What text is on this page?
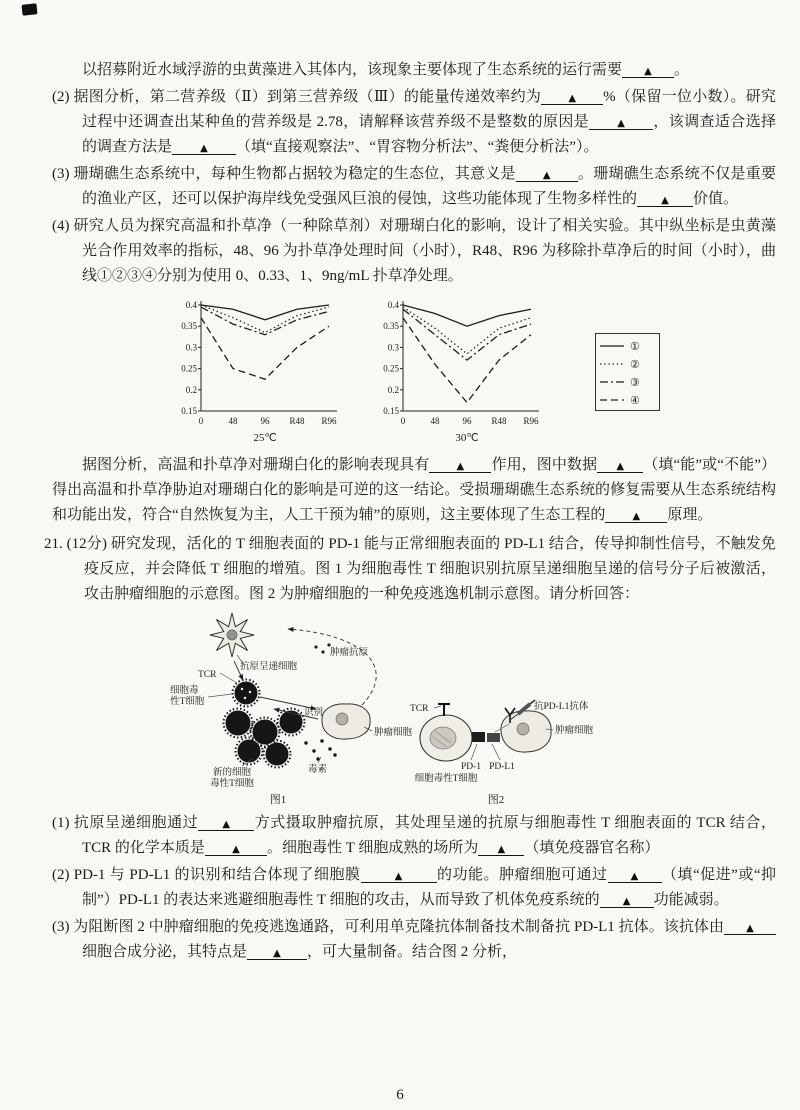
以招募附近水域浮游的虫黄藻进入其体内，该现象主要体现了生态系统的运行需要 ▲ 。

(2) 据图分析，第二营养级（Ⅱ）到第三营养级（Ⅲ）的能量传递效率约为	▲ %（保留一位小数）。研究过程中还调查出某种鱼的营养级是 2.78，请解释该营养级不是整数的原因是	▲ ，该调查适合选择的调查方法是	▲ （填“直接观察法”、“胃容物分析法”、“粪便分析法”）。

(3) 珊瑚礁生态系统中，每种生物都占据较为稳定的生态位，其意义是	▲ 。珊瑚礁生态系统不仅是重要的渔业产区，还可以保护海岸线免受强风巨浪的侵蚀，这些功能体现了生物多样性的 ▲ 价值。

(4) 研究人员为探究高温和扑草净（一种除草剂）对珊瑚白化的影响，设计了相关实验。其中纵坐标是虫黄藻光合作用效率的指标，48、96 为扑草净处理时间（小时），R48、R96 为移除扑草净后的时间（小时），曲线①②③④分别为使用 0、0.33、1、9ng/mL 扑草净处理。

0.4
0.35
0.3
0.25
0.2
0.15
0	48	96 R48 R96
25℃
0.4
0.35
0.3
0.25
0.2
0.15
0	48	96 R48 R96
30℃
①
②
③
④

据图分析，高温和扑草净对珊瑚白化的影响表现具有	▲ 作用，图中数据 ▲ （填“能”或“不能”）得出高温和扑草净胁迫对珊瑚白化的影响是可逆的这一结论。受损珊瑚礁生态系统的修复需要从生态系统结构和功能出发，符合“自然恢复为主，人工干预为辅”的原则，这主要体现了生态工程的	▲ 原理。

21. (12分) 研究发现，活化的 T 细胞表面的 PD-1 能与正常细胞表面的 PD-L1 结合，传导抑制性信号，不触发免疫反应，并会降低 T 细胞的增殖。图 1 为细胞毒性 T 细胞识别抗原呈递细胞呈递的信号分子后被激活，攻击肿瘤细胞的示意图。图 2 为肿瘤细胞的一种免疫逃逸机制示意图。请分析回答：

抗原呈递细胞
肿瘤抗原
TCR
细胞毒
性T细胞
识别
肿瘤细胞
毒素
新的细胞
毒性T细胞
图1
TCR	抗PD-L1抗体
肿瘤细胞
PD-1 PD-L1
细胞毒性T细胞
图2

(1) 抗原呈递细胞通过 ▲ 方式摄取肿瘤抗原，其处理呈递的抗原与细胞毒性 T 细胞表面的 TCR 结合，TCR 的化学本质是	▲ 。细胞毒性 T 细胞成熟的场所为 ▲ （填免疫器官名称）

(2) PD-1 与 PD-L1 的识别和结合体现了细胞膜	▲ 的功能。肿瘤细胞可通过 ▲ （填“促进”或“抑制”）PD-L1 的表达来逃避细胞毒性 T 细胞的攻击，从而导致了机体免疫系统的 ▲ 功能减弱。

(3) 为阻断图 2 中肿瘤细胞的免疫逃逸通路，可利用单克隆抗体制备技术制备抗 PD-L1 抗体。该抗体由 ▲细胞合成分泌，其特点是	▲ ，可大量制备。结合图 2 分析，

6
